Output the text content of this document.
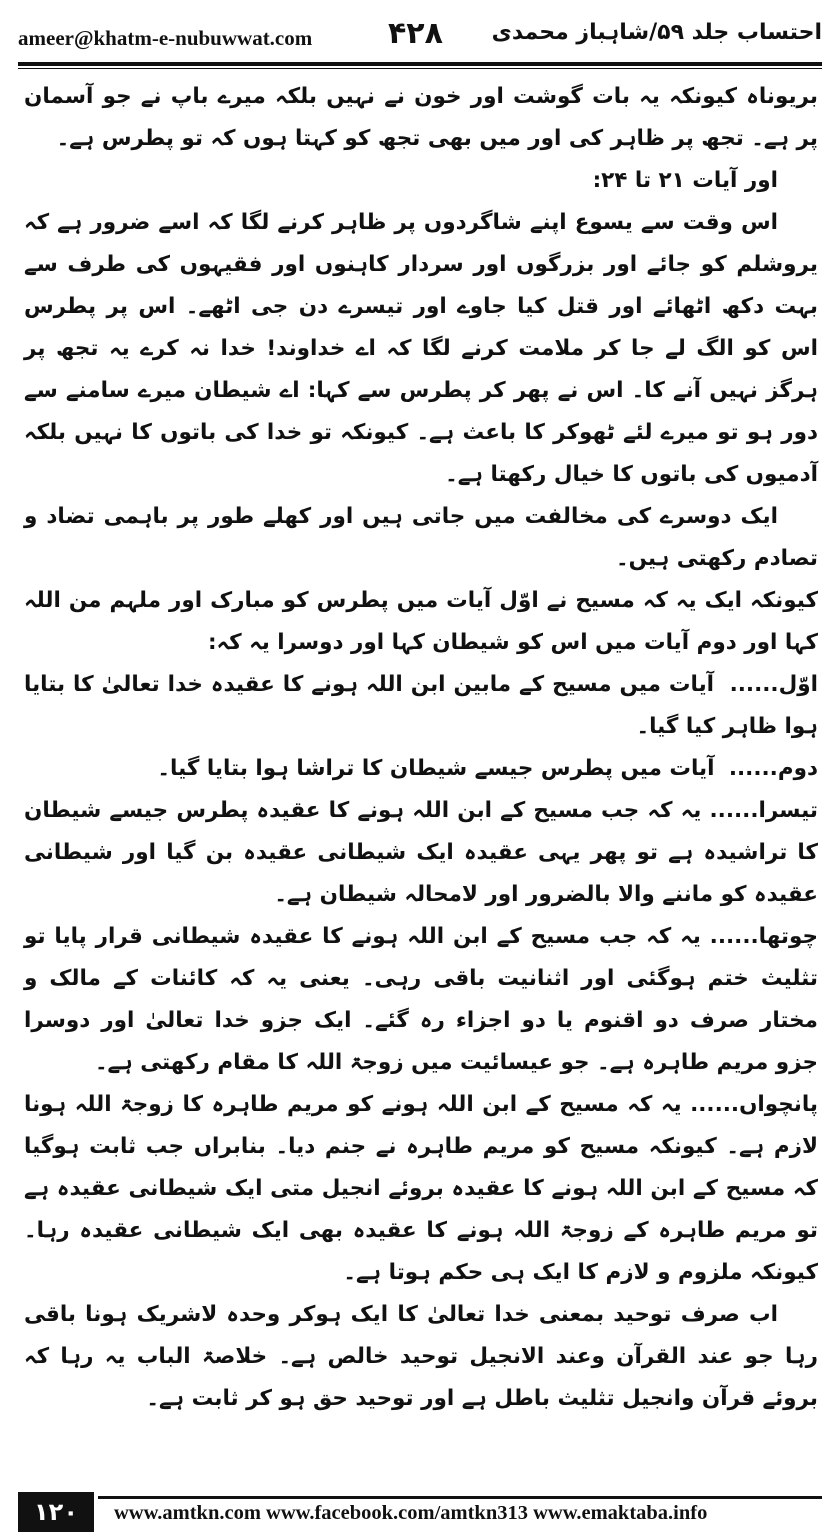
ameer@khatm-e-nubuwwat.com	۴۲۸ احتساب جلد ۵۹/شاہباز محمدی

بریوناہ کیونکہ یہ بات گوشت اور خون نے نہیں بلکہ میرے باپ نے جو آسمان پر ہے۔ تجھ پر ظاہر کی اور میں بھی تجھ کو کہتا ہوں کہ تو پطرس ہے۔

اور آیات ۲۱ تا ۲۴:

اس وقت سے یسوع اپنے شاگردوں پر ظاہر کرنے لگا کہ اسے ضرور ہے کہ یروشلم کو جائے اور بزرگوں اور سردار کاہنوں اور فقیہوں کی طرف سے بہت دکھ اٹھائے اور قتل کیا جاوے اور تیسرے دن جی اٹھے۔ اس پر پطرس اس کو الگ لے جا کر ملامت کرنے لگا کہ اے خداوند! خدا نہ کرے یہ تجھ پر ہرگز نہیں آنے کا۔ اس نے پھر کر پطرس سے کہا: اے شیطان میرے سامنے سے دور ہو تو میرے لئے ٹھوکر کا باعث ہے۔ کیونکہ تو خدا کی باتوں کا نہیں بلکہ آدمیوں کی باتوں کا خیال رکھتا ہے۔

ایک دوسرے کی مخالفت میں جاتی ہیں اور کھلے طور پر باہمی تضاد و تصادم رکھتی ہیں۔

کیونکہ ایک یہ کہ مسیح نے اوّل آیات میں پطرس کو مبارک اور ملہم من اللہ کہا اور دوم آیات میں اس کو شیطان کہا اور دوسرا یہ کہ:

اوّل...... آیات میں مسیح کے مابین ابن اللہ ہونے کا عقیدہ خدا تعالیٰ کا بتایا ہوا ظاہر کیا گیا۔

دوم...... آیات میں پطرس جیسے شیطان کا تراشا ہوا بتایا گیا۔

تیسرا...... یہ کہ جب مسیح کے ابن اللہ ہونے کا عقیدہ پطرس جیسے شیطان کا تراشیدہ ہے تو پھر یہی عقیدہ ایک شیطانی عقیدہ بن گیا اور شیطانی عقیدہ کو ماننے والا بالضرور اور لامحالہ شیطان ہے۔

چوتھا...... یہ کہ جب مسیح کے ابن اللہ ہونے کا عقیدہ شیطانی قرار پایا تو تثلیث ختم ہوگئی اور اثنانیت باقی رہی۔ یعنی یہ کہ کائنات کے مالک و مختار صرف دو اقنوم یا دو اجزاء رہ گئے۔ ایک جزو خدا تعالیٰ اور دوسرا جزو مریم طاہرہ ہے۔ جو عیسائیت میں زوجۃ اللہ کا مقام رکھتی ہے۔

پانچواں...... یہ کہ مسیح کے ابن اللہ ہونے کو مریم طاہرہ کا زوجۃ اللہ ہونا لازم ہے۔ کیونکہ مسیح کو مریم طاہرہ نے جنم دیا۔ بنابراں جب ثابت ہوگیا کہ مسیح کے ابن اللہ ہونے کا عقیدہ بروئے انجیل متی ایک شیطانی عقیدہ ہے تو مریم طاہرہ کے زوجۃ اللہ ہونے کا عقیدہ بھی ایک شیطانی عقیدہ رہا۔ کیونکہ ملزوم و لازم کا ایک ہی حکم ہوتا ہے۔

اب صرف توحید بمعنی خدا تعالیٰ کا ایک ہوکر وحدہ لاشریک ہونا باقی رہا جو عند القرآن وعند الانجیل توحید خالص ہے۔ خلاصۃ الباب یہ رہا کہ بروئے قرآن وانجیل تثلیث باطل ہے اور توحید حق ہو کر ثابت ہے۔

۱۲۰	www.amtkn.com www.facebook.com/amtkn313 www.emaktaba.info
